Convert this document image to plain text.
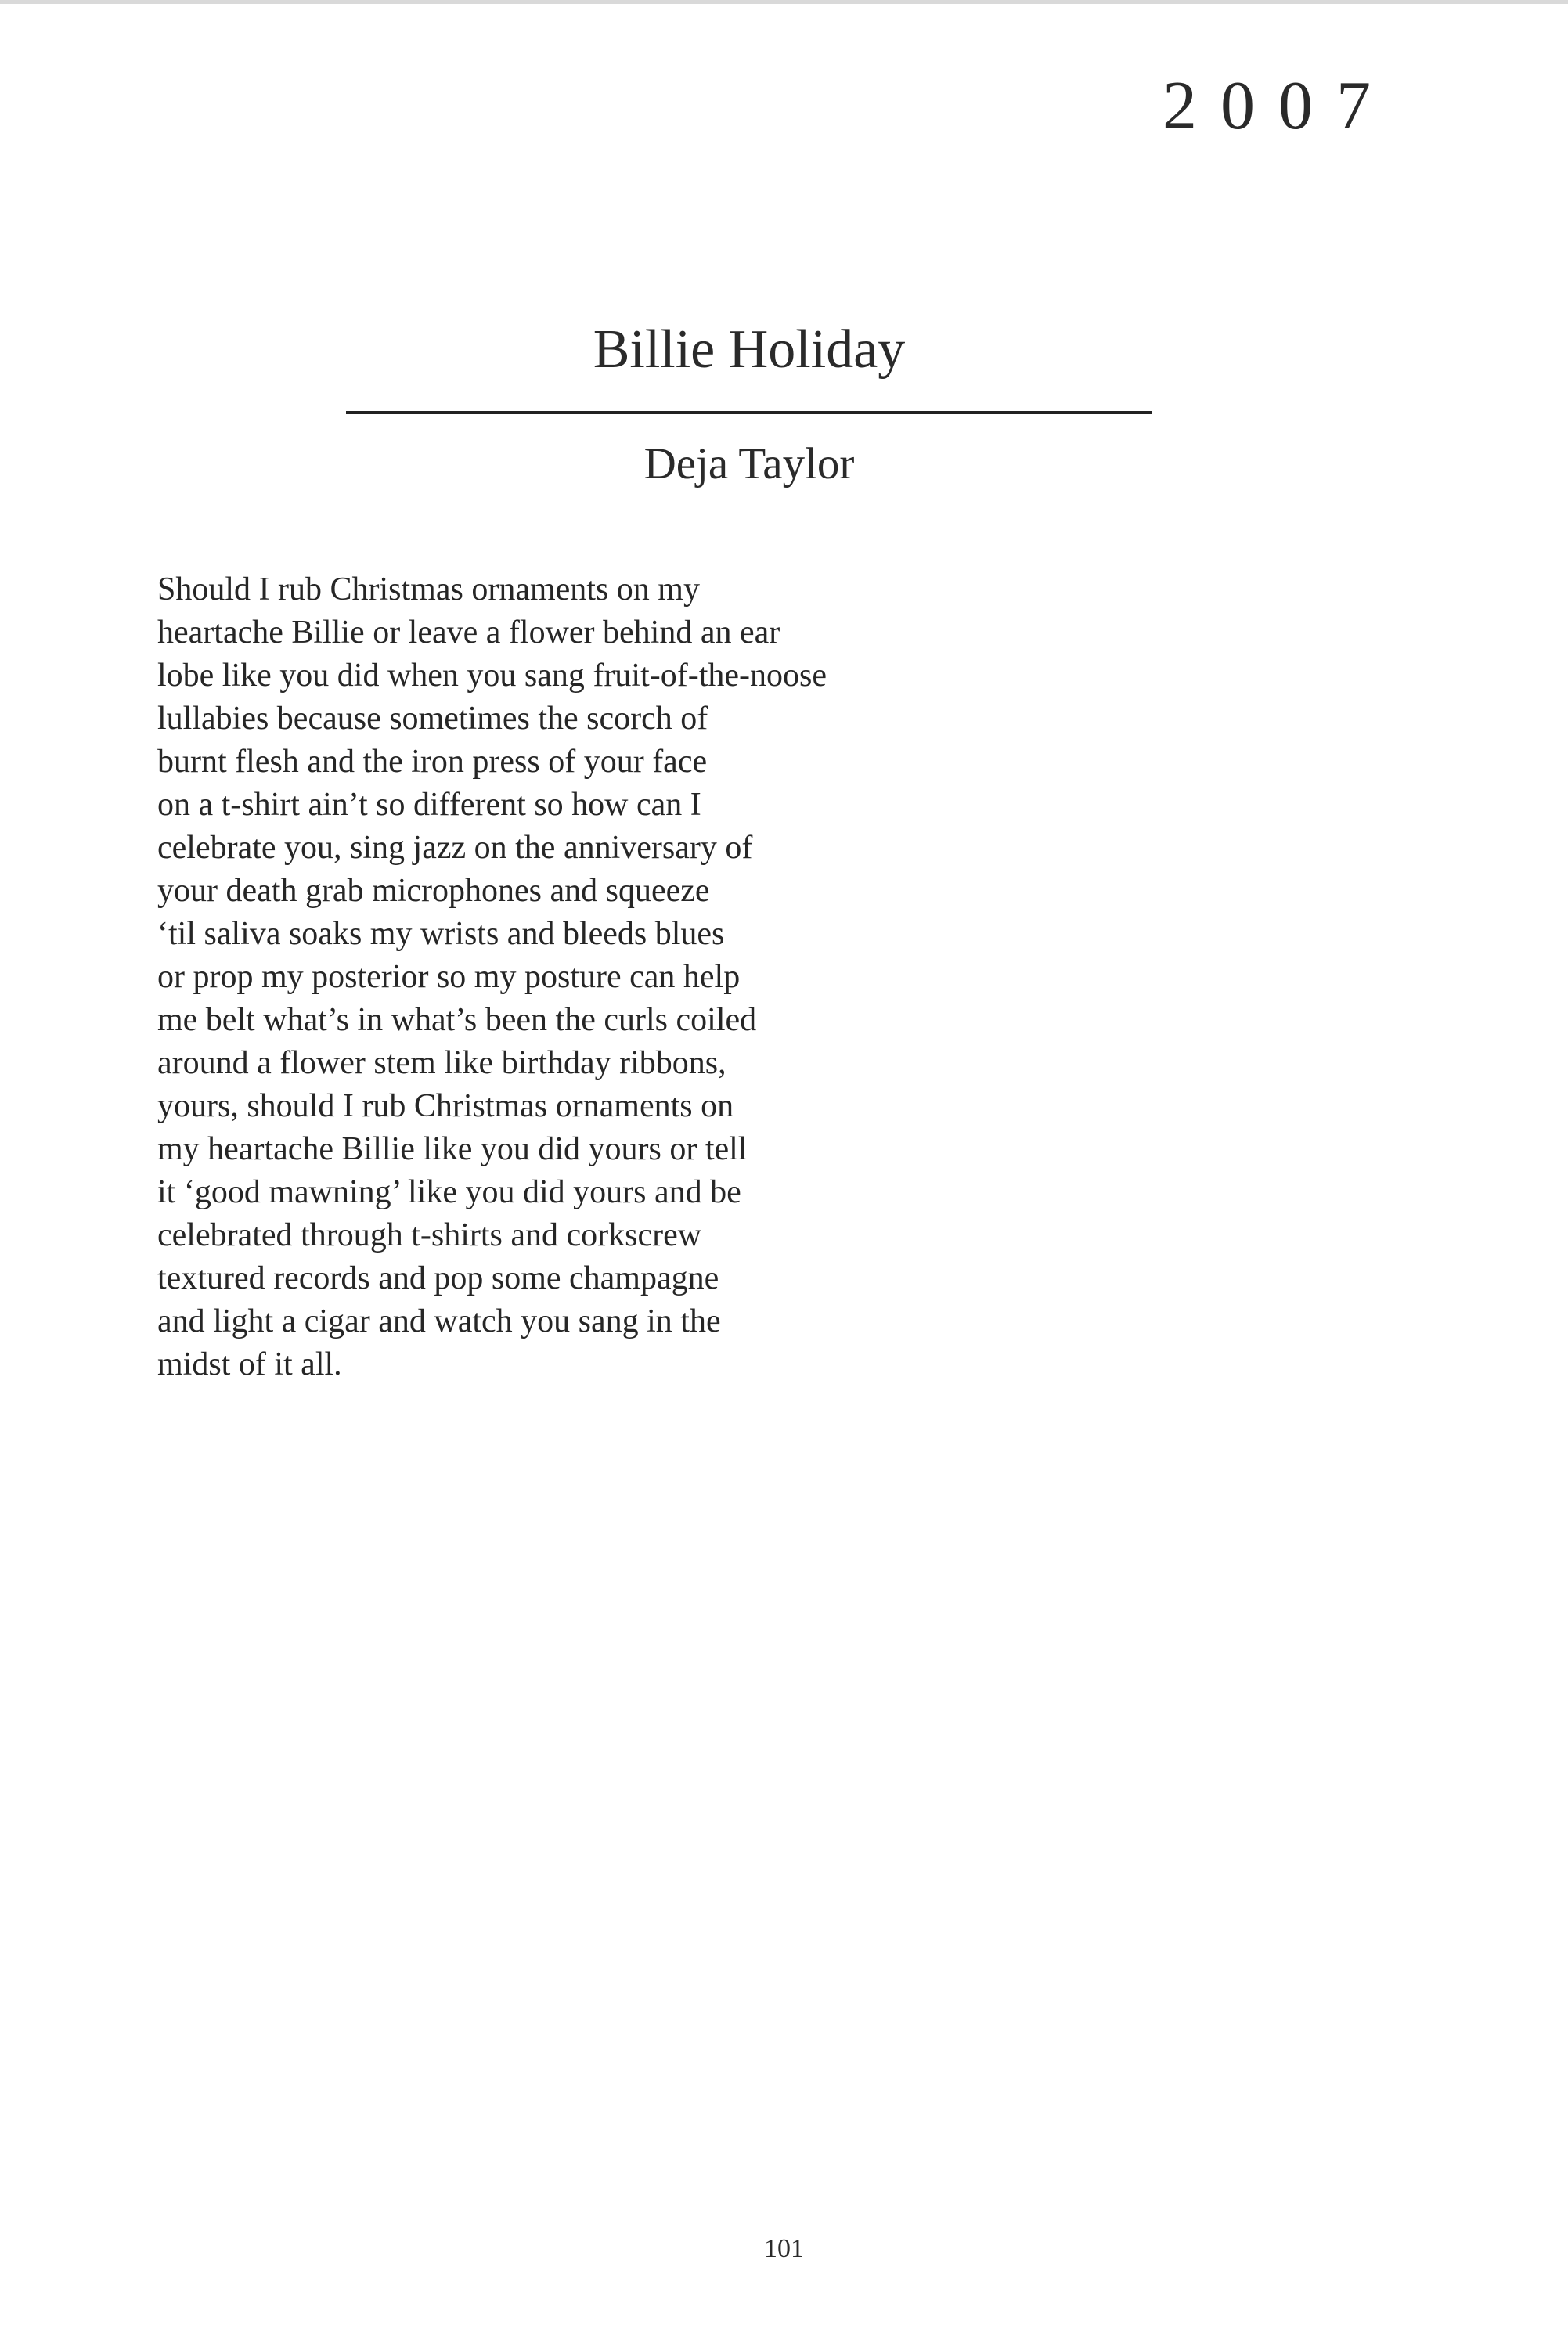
2007
Billie Holiday
Deja Taylor
Should I rub Christmas ornaments on my
heartache Billie or leave a flower behind an ear
lobe like you did when you sang fruit-of-the-noose
lullabies because sometimes the scorch of
burnt flesh and the iron press of your face
on a t-shirt ain’t so different so how can I
celebrate you, sing jazz on the anniversary of
your death grab microphones and squeeze
‘til saliva soaks my wrists and bleeds blues
or prop my posterior so my posture can help
me belt what’s in what’s been the curls coiled
around a flower stem like birthday ribbons,
yours, should I rub Christmas ornaments on
my heartache Billie like you did yours or tell
it ‘good mawning’ like you did yours and be
celebrated through t-shirts and corkscrew
textured records and pop some champagne
and light a cigar and watch you sang in the
midst of it all.
101
